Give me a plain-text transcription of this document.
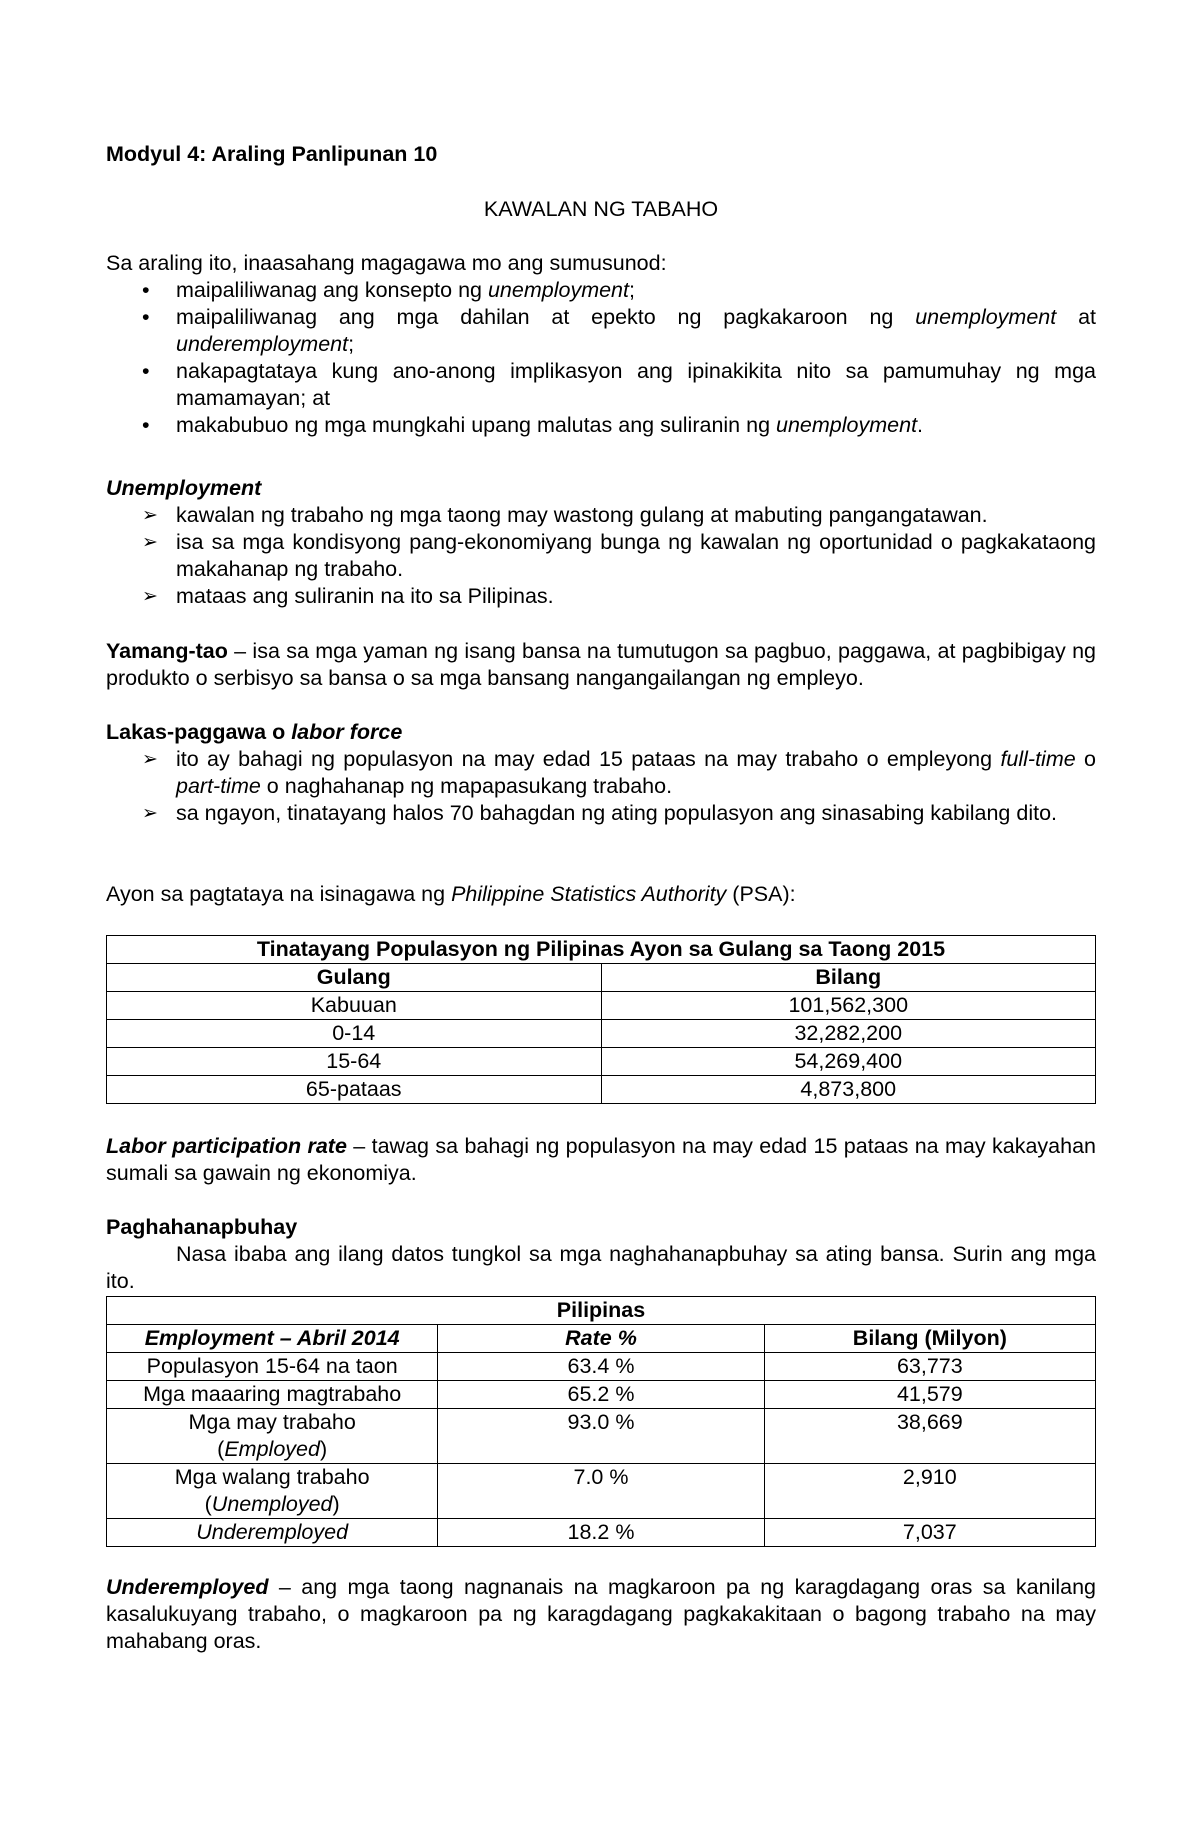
Modyul 4: Araling Panlipunan 10
KAWALAN NG TABAHO
Sa araling ito, inaasahang magagawa mo ang sumusunod:
• maipaliliwanag ang konsepto ng unemployment;
• maipaliliwanag ang mga dahilan at epekto ng pagkakaroon ng unemployment at underemployment;
• nakapagtataya kung ano-anong implikasyon ang ipinakikita nito sa pamumuhay ng mga mamamayan; at
• makabubuo ng mga mungkahi upang malutas ang suliranin ng unemployment.
Unemployment
➢ kawalan ng trabaho ng mga taong may wastong gulang at mabuting pangangatawan.
➢ isa sa mga kondisyong pang-ekonomiyang bunga ng kawalan ng oportunidad o pagkakataong makahanap ng trabaho.
➢ mataas ang suliranin na ito sa Pilipinas.
Yamang-tao – isa sa mga yaman ng isang bansa na tumutugon sa pagbuo, paggawa, at pagbibigay ng produkto o serbisyo sa bansa o sa mga bansang nangangailangan ng empleyo.
Lakas-paggawa o labor force
➢ ito ay bahagi ng populasyon na may edad 15 pataas na may trabaho o empleyong full-time o part-time o naghahanap ng mapapasukang trabaho.
➢ sa ngayon, tinatayang halos 70 bahagdan ng ating populasyon ang sinasabing kabilang dito.
Ayon sa pagtataya na isinagawa ng Philippine Statistics Authority (PSA):
Tinatayang Populasyon ng Pilipinas Ayon sa Gulang sa Taong 2015	
Gulang	Bilang
Kabuuan	101,562,300
0-14	32,282,200
15-64	54,269,400
65-pataas	4,873,800
Labor participation rate – tawag sa bahagi ng populasyon na may edad 15 pataas na may kakayahan sumali sa gawain ng ekonomiya.
Paghahanapbuhay
Nasa ibaba ang ilang datos tungkol sa mga naghahanapbuhay sa ating bansa. Surin ang mga ito.
Pilipinas		
Employment – Abril 2014	Rate %	Bilang (Milyon)
Populasyon 15-64 na taon	63.4 %	63,773
Mga maaaring magtrabaho	65.2 %	41,579
Mga may trabaho
(Employed)	93.0 %	38,669
Mga walang trabaho
(Unemployed)	7.0 %	2,910
Underemployed	18.2 %	7,037
Underemployed – ang mga taong nagnanais na magkaroon pa ng karagdagang oras sa kanilang kasalukuyang trabaho, o magkaroon pa ng karagdagang pagkakakitaan o bagong trabaho na may mahabang oras.
